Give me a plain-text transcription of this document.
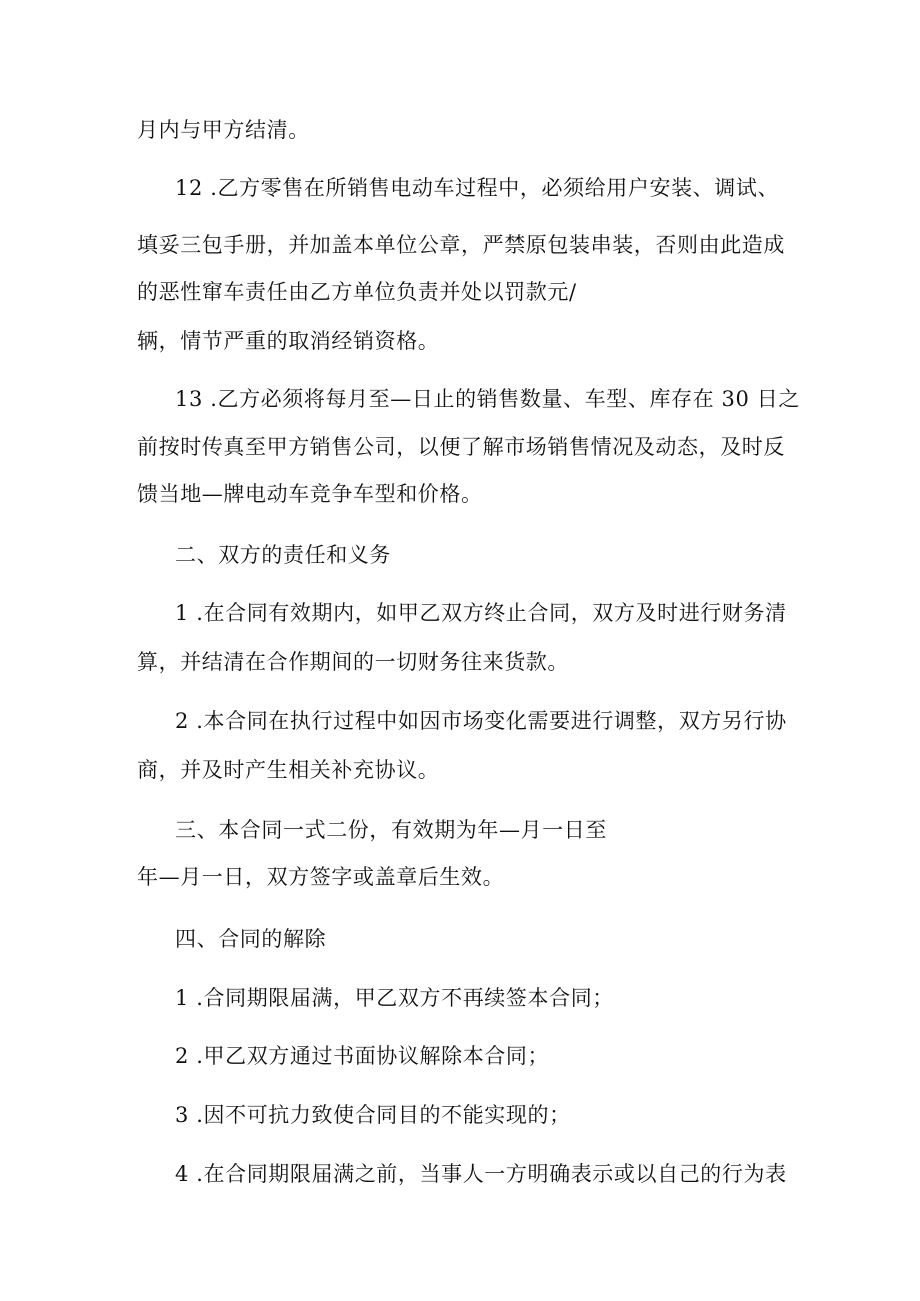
月内与甲方结清。
12 .乙方零售在所销售电动车过程中，必须给用户安装、调试、
填妥三包手册，并加盖本单位公章，严禁原包装串装，否则由此造成
的恶性窜车责任由乙方单位负责并处以罚款元/
辆，情节严重的取消经销资格。
13 .乙方必须将每月至—日止的销售数量、车型、库存在 30 日之
前按时传真至甲方销售公司，以便了解市场销售情况及动态，及时反
馈当地—牌电动车竞争车型和价格。
二、双方的责任和义务
1 .在合同有效期内，如甲乙双方终止合同，双方及时进行财务清
算，并结清在合作期间的一切财务往来货款。
2 .本合同在执行过程中如因市场变化需要进行调整，双方另行协
商，并及时产生相关补充协议。
三、本合同一式二份，有效期为年—月一日至
年—月一日，双方签字或盖章后生效。
四、合同的解除
1 .合同期限届满，甲乙双方不再续签本合同；
2 .甲乙双方通过书面协议解除本合同；
3 .因不可抗力致使合同目的不能实现的；
4 .在合同期限届满之前，当事人一方明确表示或以自己的行为表
